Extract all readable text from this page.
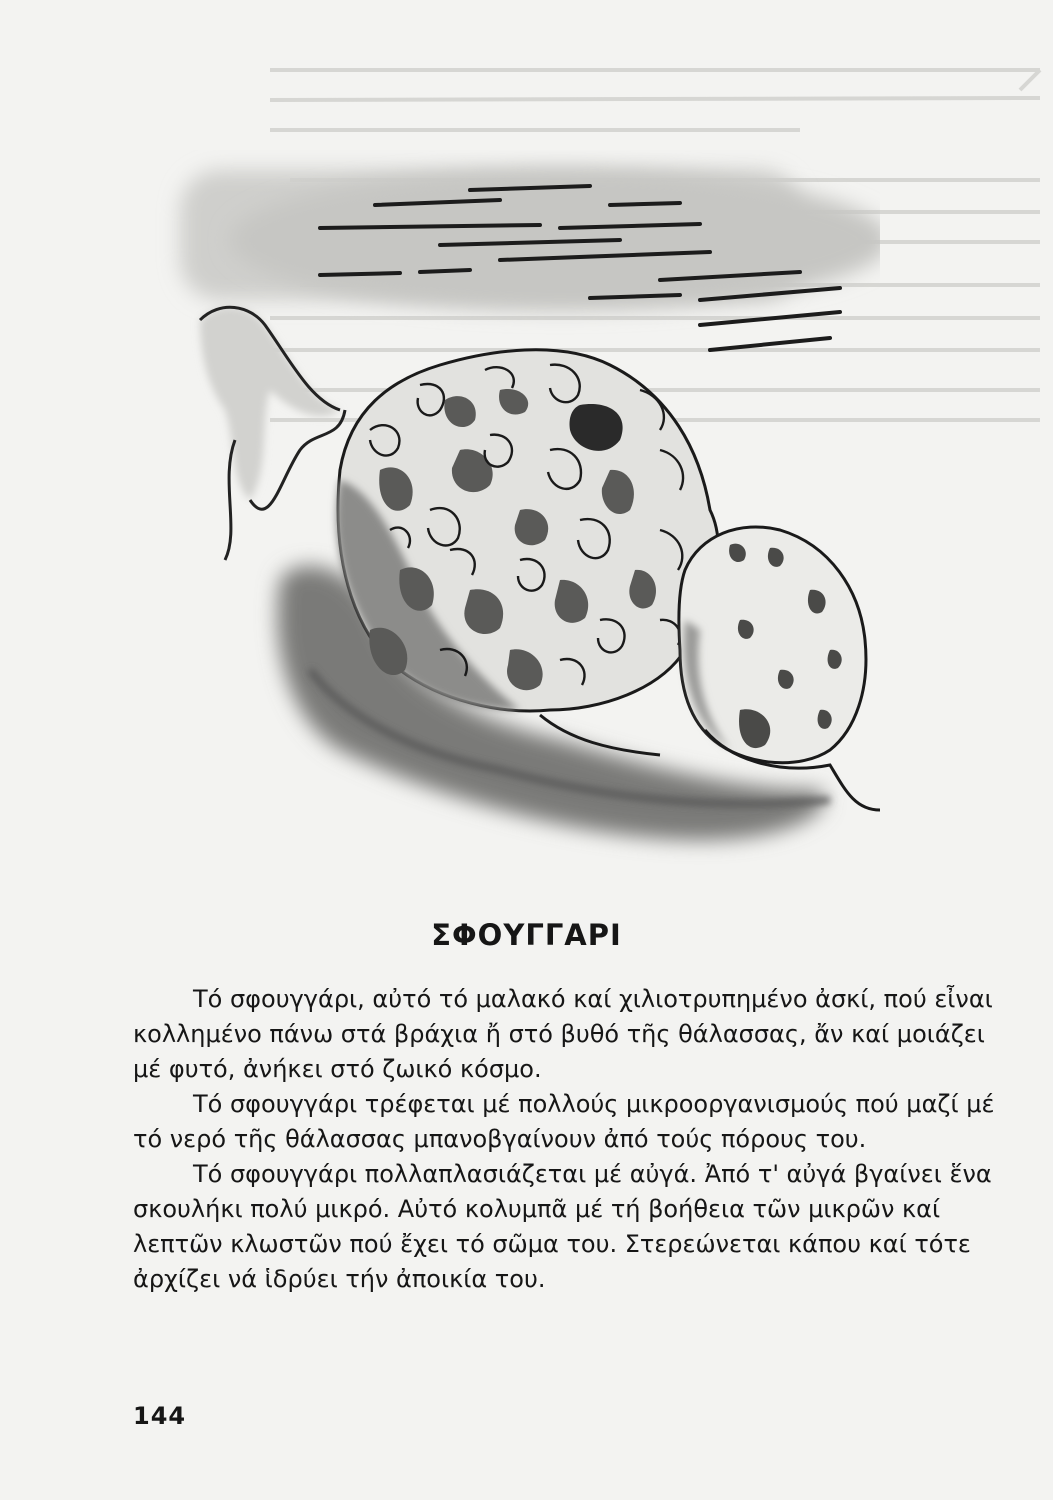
ΣΦΟΥΓΓΑΡΙ

Τό σφουγγάρι, αὐτό τό μαλακό καί χιλιοτρυπημένο ἀσκί, πού εἶναι κολλημένο πάνω στά βράχια ἤ στό βυθό τῆς θάλασσας, ἄν καί μοιάζει μέ φυτό, ἀνήκει στό ζωικό κόσμο.

Τό σφουγγάρι τρέφεται μέ πολλούς μικροοργανισμούς πού μαζί μέ τό νερό τῆς θάλασσας μπανοβγαίνουν ἀπό τούς πόρους του.

Τό σφουγγάρι πολλαπλασιάζεται μέ αὐγά. Ἀπό τ' αὐγά βγαίνει ἕνα σκουλήκι πολύ μικρό. Αὐτό κολυμπᾶ μέ τή βοήθεια τῶν μικρῶν καί λεπτῶν κλωστῶν πού ἔχει τό σῶμα του. Στερεώνεται κάπου καί τότε ἀρχίζει νά ἱδρύει τήν ἀποικία του.

144
